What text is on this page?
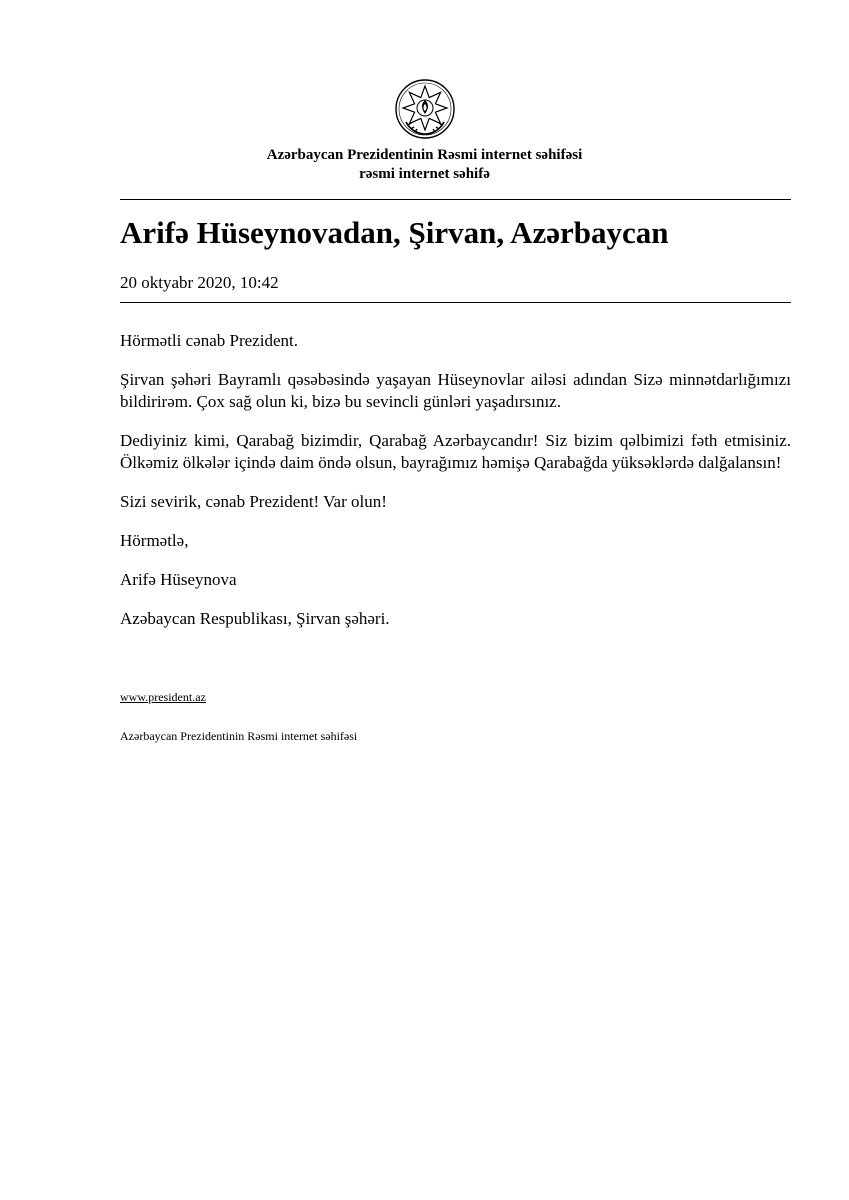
Azərbaycan Prezidentinin Rəsmi internet səhifəsi
rəsmi internet səhifə
Arifə Hüseynovadan, Şirvan, Azərbaycan
20 oktyabr 2020, 10:42

Hörmətli cənab Prezident.

Şirvan şəhəri Bayramlı qəsəbəsində yaşayan Hüseynovlar ailəsi adından Sizə minnətdarlığımızı bildirirəm. Çox sağ olun ki, bizə bu sevincli günləri yaşadırsınız.

Dediyiniz kimi, Qarabağ bizimdir, Qarabağ Azərbaycandır! Siz bizim qəlbimizi fəth etmisiniz. Ölkəmiz ölkələr içində daim öndə olsun, bayrağımız həmişə Qarabağda yüksəklərdə dalğalansın!

Sizi sevirik, cənab Prezident! Var olun!

Hörmətlə,

Arifə Hüseynova

Azəbaycan Respublikası, Şirvan şəhəri.

www.president.az
Azərbaycan Prezidentinin Rəsmi internet səhifəsi
